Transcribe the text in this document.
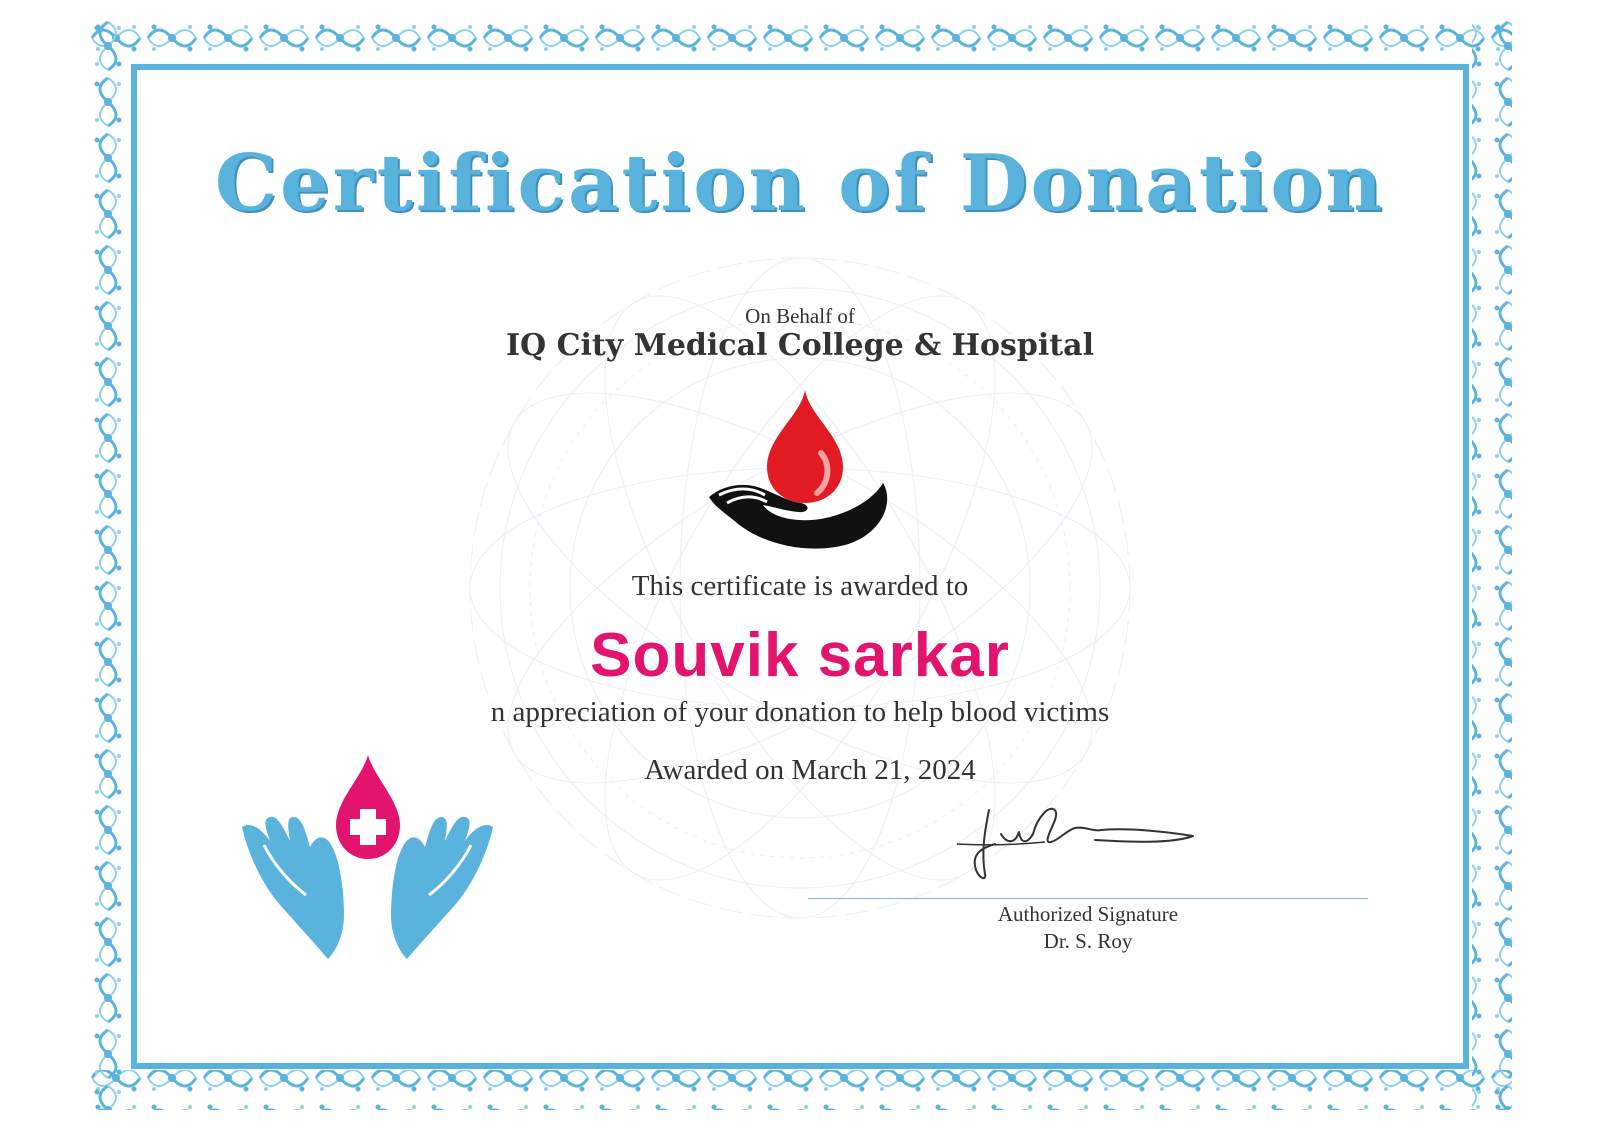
Certification of Donation
On Behalf of
IQ City Medical College & Hospital
This certificate is awarded to
Souvik sarkar
n appreciation of your donation to help blood victims
Awarded on March 21, 2024
Authorized Signature
Dr. S. Roy
